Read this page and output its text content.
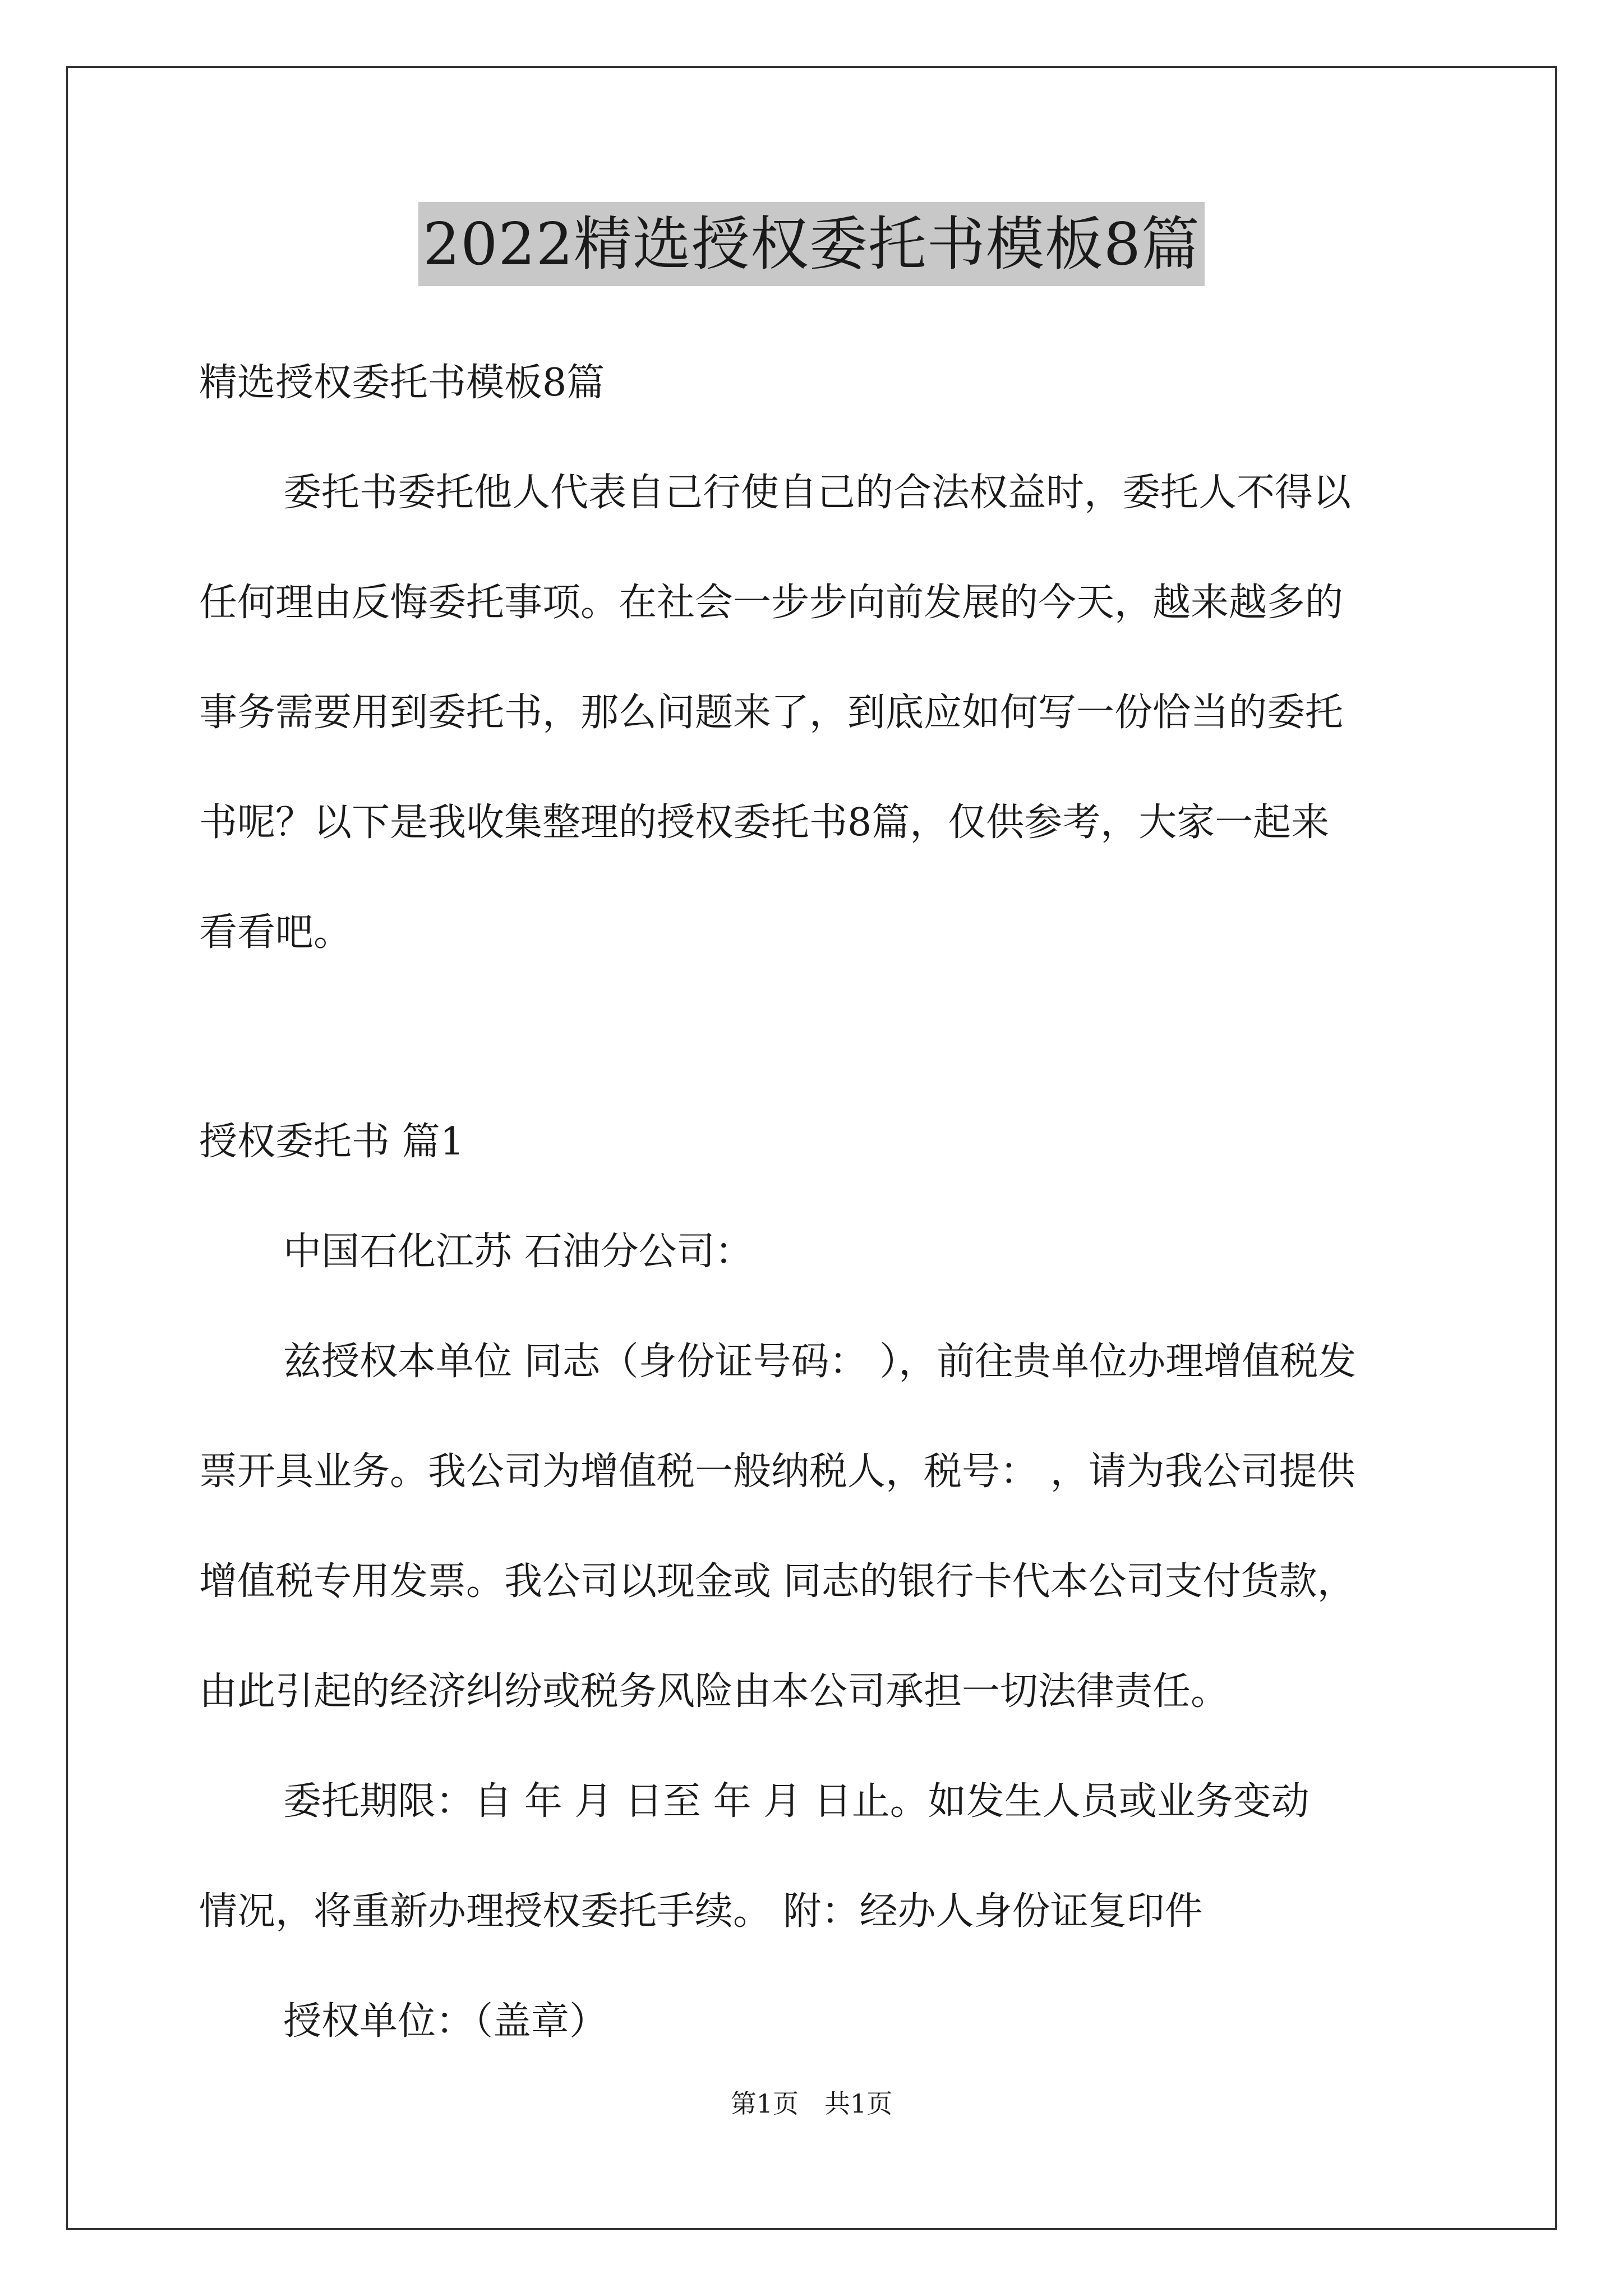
2022精选授权委托书模板8篇
精选授权委托书模板8篇
委托书委托他人代表自己行使自己的合法权益时，委托人不得以
任何理由反悔委托事项。在社会一步步向前发展的今天，越来越多的
事务需要用到委托书，那么问题来了，到底应如何写一份恰当的委托
书呢？以下是我收集整理的授权委托书8篇，仅供参考，大家一起来
看看吧。
授权委托书 篇1
中国石化江苏 石油分公司：
兹授权本单位 同志（身份证号码： ），前往贵单位办理增值税发
票开具业务。我公司为增值税一般纳税人，税号： ，请为我公司提供
增值税专用发票。我公司以现金或 同志的银行卡代本公司支付货款，
由此引起的经济纠纷或税务风险由本公司承担一切法律责任。
委托期限：自 年 月 日至 年 月 日止。如发生人员或业务变动
情况，将重新办理授权委托手续。 附：经办人身份证复印件
授权单位：（盖章）
第1页　共1页
